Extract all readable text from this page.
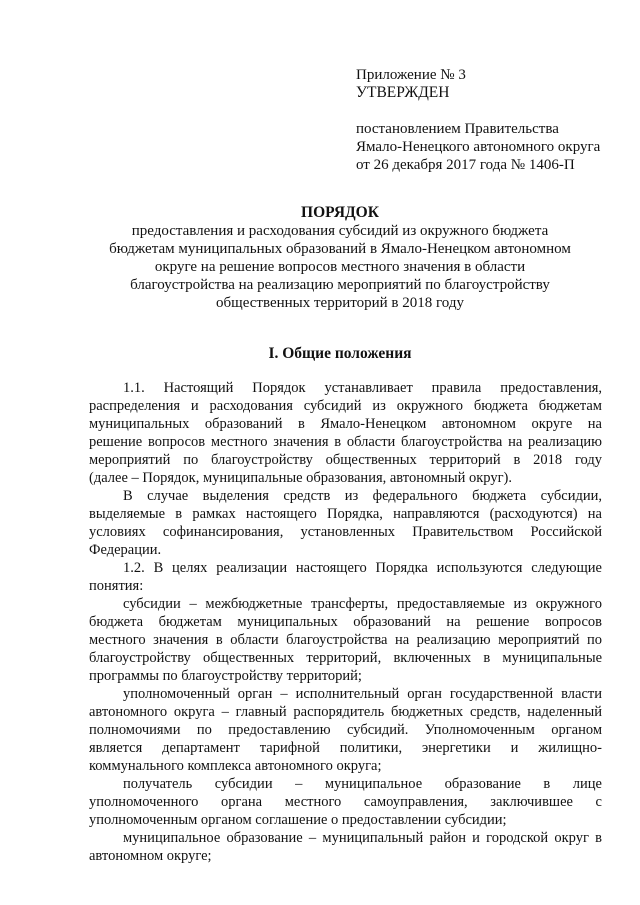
Приложение № 3
УТВЕРЖДЕН
постановлением Правительства
Ямало-Ненецкого автономного округа
от 26 декабря 2017 года № 1406-П
ПОРЯДОК
предоставления и расходования субсидий из окружного бюджета
бюджетам муниципальных образований в Ямало-Ненецком автономном
округе на решение вопросов местного значения в области
благоустройства на реализацию мероприятий по благоустройству
общественных территорий в 2018 году
I. Общие положения
1.1. Настоящий Порядок устанавливает правила предоставления,
распределения и расходования субсидий из окружного бюджета бюджетам
муниципальных образований в Ямало-Ненецком автономном округе на
решение вопросов местного значения в области благоустройства на реализацию
мероприятий по благоустройству общественных территорий в 2018 году
(далее – Порядок, муниципальные образования, автономный округ).
В случае выделения средств из федерального бюджета субсидии,
выделяемые в рамках настоящего Порядка, направляются (расходуются) на
условиях софинансирования, установленных Правительством Российской
Федерации.
1.2. В целях реализации настоящего Порядка используются следующие
понятия:
субсидии – межбюджетные трансферты, предоставляемые из окружного
бюджета бюджетам муниципальных образований на решение вопросов
местного значения в области благоустройства на реализацию мероприятий по
благоустройству общественных территорий, включенных в муниципальные
программы по благоустройству территорий;
уполномоченный орган – исполнительный орган государственной власти
автономного округа – главный распорядитель бюджетных средств, наделенный
полномочиями по предоставлению субсидий. Уполномоченным органом
является департамент тарифной политики, энергетики и жилищно-
коммунального комплекса автономного округа;
получатель субсидии – муниципальное образование в лице
уполномоченного органа местного самоуправления, заключившее с
уполномоченным органом соглашение о предоставлении субсидии;
муниципальное образование – муниципальный район и городской округ в
автономном округе;
